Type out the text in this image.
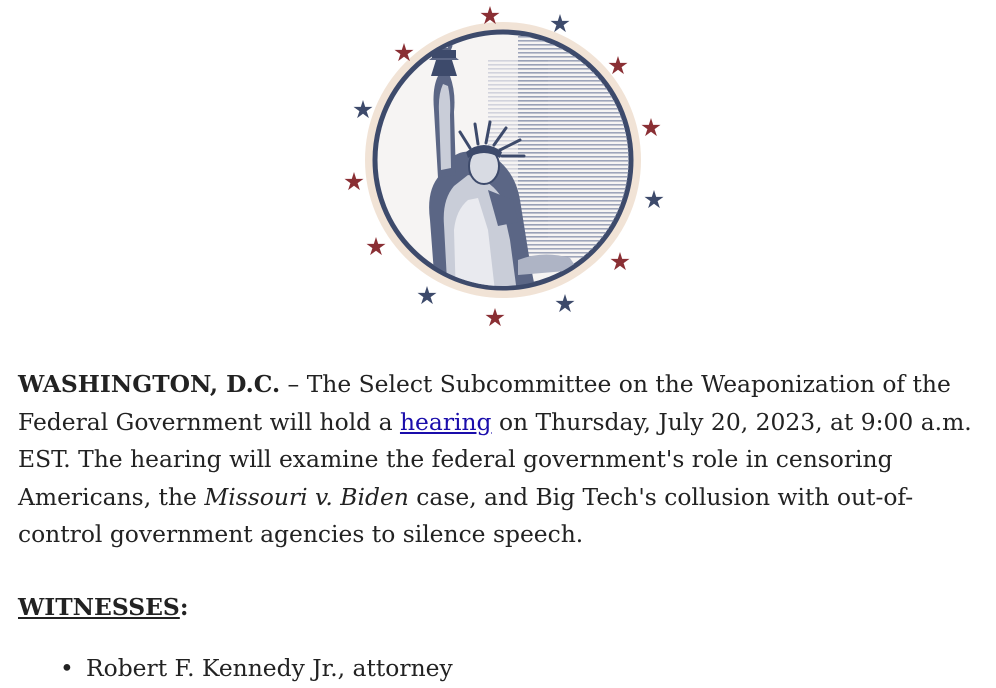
WASHINGTON, D.C. – The Select Subcommittee on the Weaponization of the Federal Government will hold a hearing on Thursday, July 20, 2023, at 9:00 a.m. EST. The hearing will examine the federal government's role in censoring Americans, the Missouri v. Biden case, and Big Tech's collusion with out-of-control government agencies to silence speech.

WITNESSES:

• Robert F. Kennedy Jr., attorney
